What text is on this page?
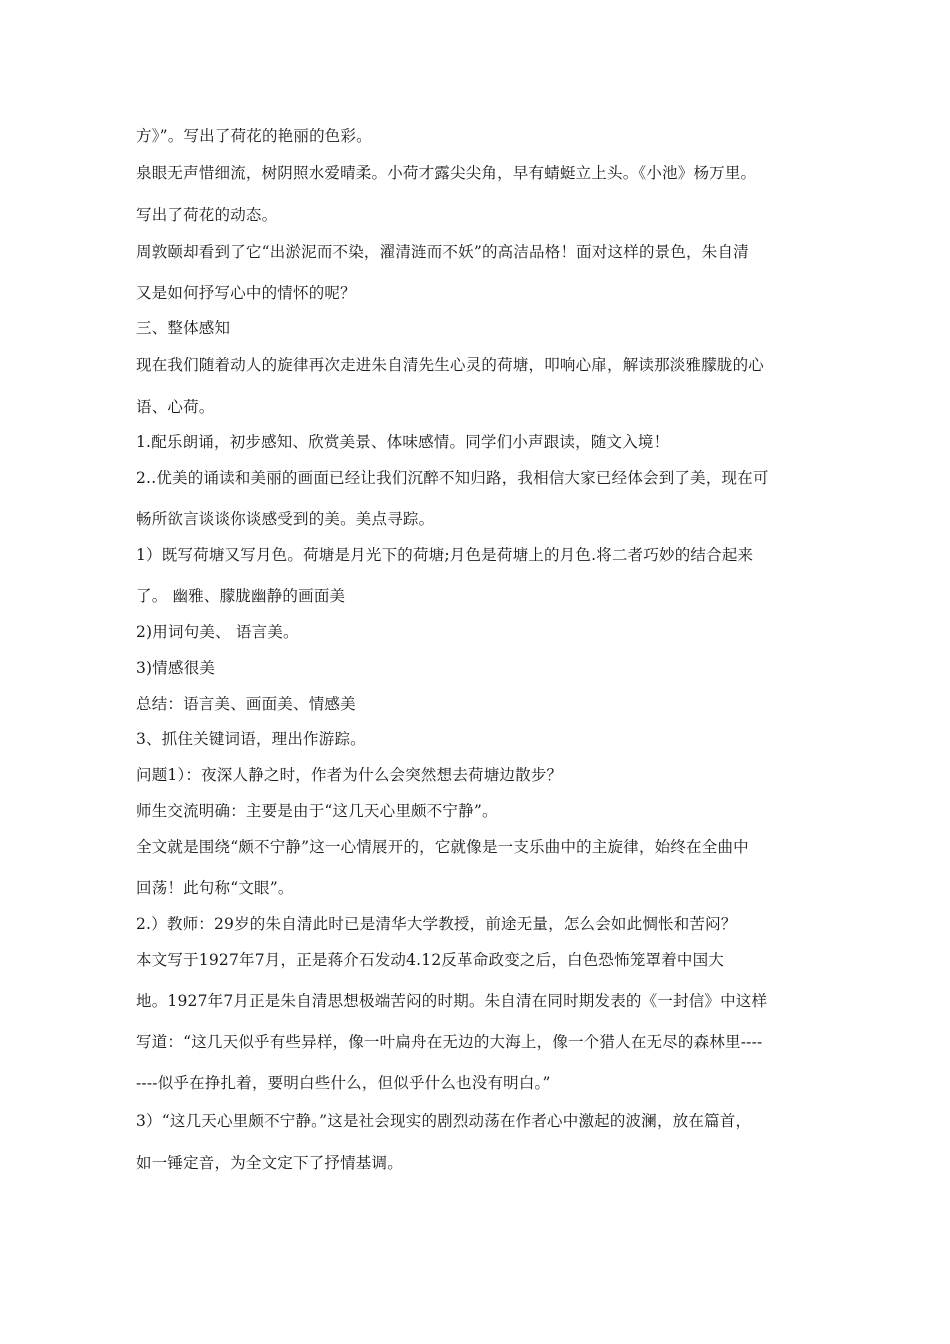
方》”。写出了荷花的艳丽的色彩。
泉眼无声惜细流，树阴照水爱晴柔。小荷才露尖尖角，早有蜻蜓立上头。《小池》杨万里。
写出了荷花的动态。
周敦颐却看到了它“出淤泥而不染，濯清涟而不妖”的高洁品格！面对这样的景色，朱自清
又是如何抒写心中的情怀的呢？
三、整体感知
现在我们随着动人的旋律再次走进朱自清先生心灵的荷塘，叩响心扉，解读那淡雅朦胧的心
语、心荷。
1.配乐朗诵，初步感知、欣赏美景、体味感情。同学们小声跟读，随文入境！
2..优美的诵读和美丽的画面已经让我们沉醉不知归路，我相信大家已经体会到了美，现在可
畅所欲言谈谈你谈感受到的美。美点寻踪。
1）既写荷塘又写月色。荷塘是月光下的荷塘;月色是荷塘上的月色.将二者巧妙的结合起来
了。 幽雅、朦胧幽静的画面美
2)用词句美、 语言美。
3)情感很美
总结：语言美、画面美、情感美
3、抓住关键词语，理出作游踪。
问题1）：夜深人静之时，作者为什么会突然想去荷塘边散步？
师生交流明确：主要是由于“这几天心里颇不宁静”。
全文就是围绕“颇不宁静”这一心情展开的，它就像是一支乐曲中的主旋律，始终在全曲中
回荡！此句称“文眼”。
2.）教师：29岁的朱自清此时已是清华大学教授，前途无量，怎么会如此惆怅和苦闷？
本文写于1927年7月，正是蒋介石发动4.12反革命政变之后，白色恐怖笼罩着中国大
地。1927年7月正是朱自清思想极端苦闷的时期。朱自清在同时期发表的《一封信》中这样
写道：“这几天似乎有些异样，像一叶扁舟在无边的大海上，像一个猎人在无尽的森林里----
----似乎在挣扎着，要明白些什么，但似乎什么也没有明白。”
3）“这几天心里颇不宁静。”这是社会现实的剧烈动荡在作者心中激起的波澜，放在篇首，
如一锤定音，为全文定下了抒情基调。
